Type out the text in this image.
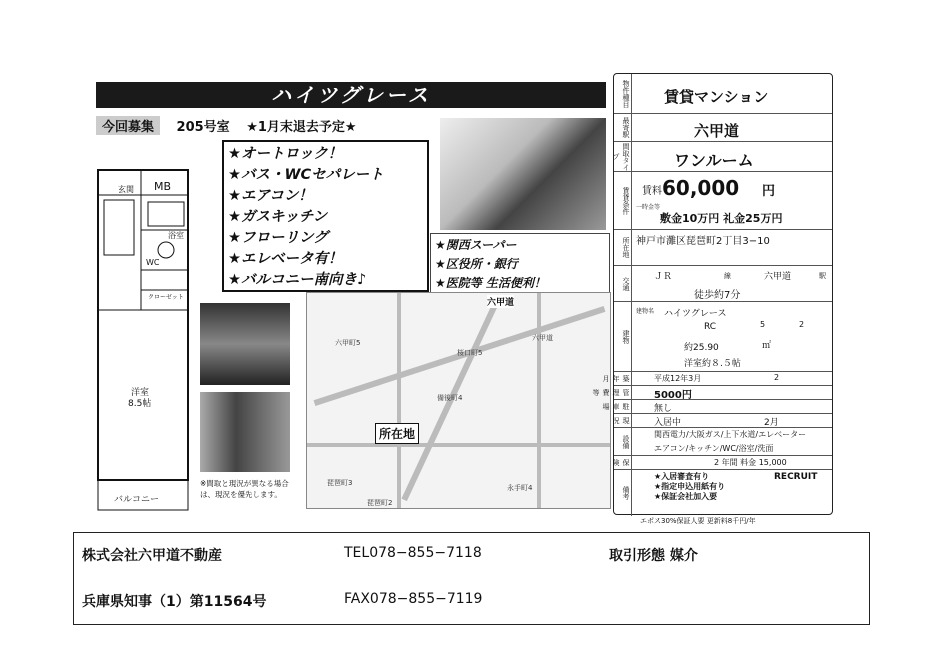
ハイツグレース
今回募集 205号室 ★1月末退去予定★
玄関 MB
浴室
WC
クローゼット
洋室
8.5帖
バルコニー
★オートロック！
★バス・WCセパレート
★エアコン！
★ガスキッチン
★フローリング
★エレベータ有！
★バルコニー南向き♪
★関西スーパー
★区役所・銀行
★医院等 生活便利！
※間取と現況が異なる場合は、現況を優先します。
六甲道
六甲町5
桜口町5
備後町4
琵琶町2
琵琶町3
永手町4
六甲道
所在地
物件種目 賃貸マンション
最寄駅	六甲道
間取タイプ	ワンルーム
賃貸条件 賃料 60,000 円
一時金等
敷金10万円 礼金25万円
所在地 神戸市灘区琵琶町2丁目3−10
交通	ＪＲ	線	六甲道	駅
徒歩約7分
建物
建物名 ハイツグレース
RC	5	2
約25.90	㎡
洋室約８.５帖
築年月	平成12年3月	2
管理費等	5000円
駐車場	無し
現況	入居中	2月
設備	関西電力/大阪ガス/上下水道/エレベーター
エアコン/キッチン/WC/浴室/洗面
保険	2 年間 料金 15,000
備考
★入居審査有り
★指定申込用紙有り
★保証会社加入要
RECRUIT
エポス30%保証人要 更新料8千円/年
株式会社六甲道不動産	TEL078−855−7118	取引形態 媒介
兵庫県知事（1）第11564号	FAX078−855−7119
